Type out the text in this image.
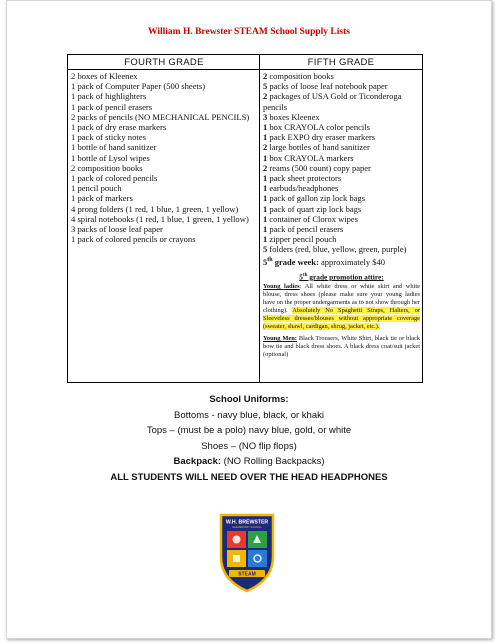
William H. Brewster STEAM School Supply Lists
FOURTH GRADE
2 boxes of Kleenex
1 pack of Computer Paper (500 sheets)
1 pack of highlighters
1 pack of pencil erasers
2 packs of pencils (NO MECHANICAL PENCILS)
1 pack of dry erase markers
1 pack of sticky notes
1 bottle of hand sanitizer
1 bottle of Lysol wipes
2 composition books
1 pack of colored pencils
1 pencil pouch
1 pack of markers
4 prong folders (1 red, 1 blue, 1 green, 1 yellow)
4 spiral notebooks (1 red, 1 blue, 1 green, 1 yellow)
3 packs of loose leaf paper
1 pack of colored pencils or crayons
FIFTH GRADE
2 composition books
5 packs of loose leaf notebook paper
2 packages of USA Gold or Ticonderoga pencils
3 boxes Kleenex
1 box CRAYOLA color pencils
1 pack EXPO dry eraser markers
2 large bottles of hand sanitizer
1 box CRAYOLA markers
2 reams (500 count) copy paper
1 pack sheet protectors
1 earbuds/headphones
1 pack of gallon zip lock bags
1 pack of quart zip lock bags
1 container of Clorox wipes
1 pack of pencil erasers
1 zipper pencil pouch
5 folders (red, blue, yellow, green, purple)
5th grade week: approximately $40
5th grade promotion attire:

Young ladies: All white dress or white skirt and white blouse, dress shoes (please make sure your young ladies have on the proper undergarments as to not show through her clothing). Absolutely No Spaghetti Straps, Halters, or Sleeveless dresses/blouses without appropriate coverage (sweater, shawl, cardigan, shrug, jacket, etc.).

Young Men: Black Trousers, White Shirt, black tie or black bow tie and black dress shoes. A black dress coat/suit jacket (optional)

School Uniforms:
Bottoms - navy blue, black, or khaki
Tops – (must be a polo) navy blue, gold, or white
Shoes – (NO flip flops)
Backpack: (NO Rolling Backpacks)
ALL STUDENTS WILL NEED OVER THE HEAD HEADPHONES
W.H. BREWSTER
ELEMENTARY SCHOOL
STEAM
